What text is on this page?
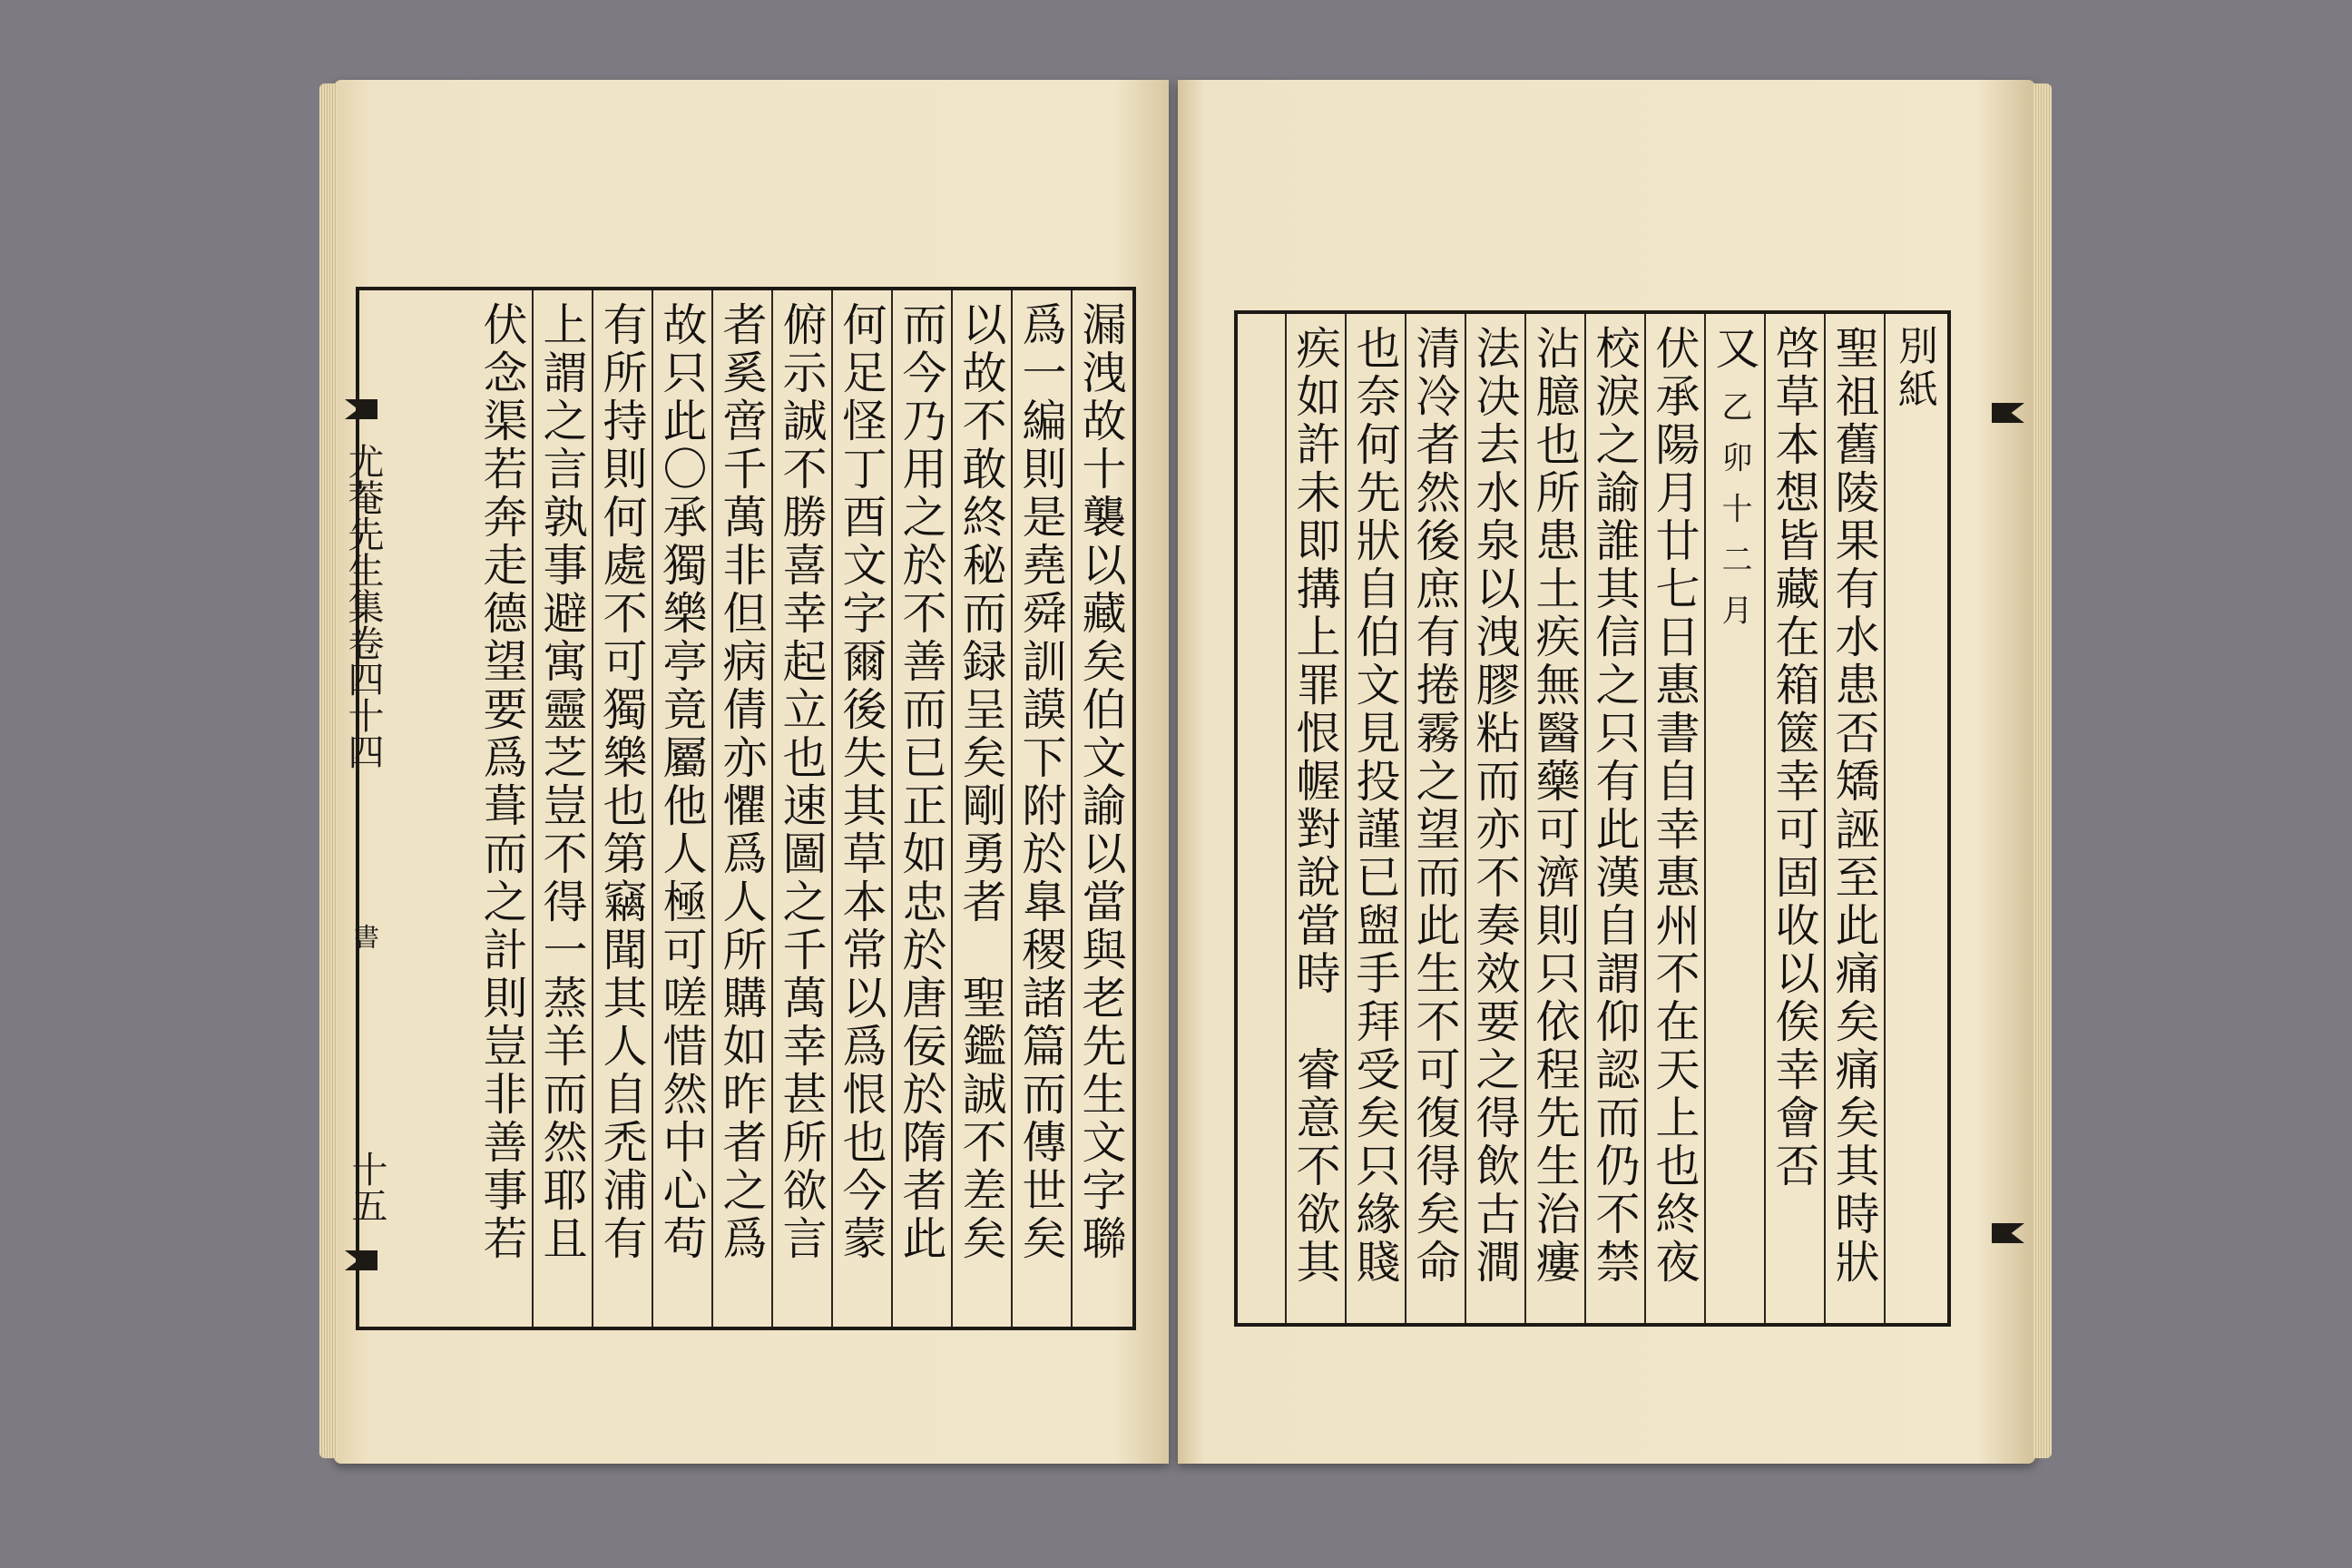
漏洩故十襲以藏矣伯文諭以當與老先生文字聯
爲一編則是堯舜訓謨下附於臯稷諸篇而傳世矣
以故不敢終秘而録呈矣剛勇者　聖鑑誠不差矣
而今乃用之於不善而已正如忠於唐佞於隋者此
何足怪丁酉文字爾後失其草本常以爲恨也今蒙
俯示誠不勝喜幸起立也速圖之千萬幸甚所欲言
者奚啻千萬非但病倩亦懼爲人所購如昨者之爲
故只此〇承獨樂亭竟屬他人極可嗟惜然中心苟
有所持則何處不可獨樂也第竊聞其人自禿浦有
上謂之言孰事避寓靈芝豈不得一蒸羊而然耶且
伏念渠若奔走德望要爲葺而之計則豈非善事若
尤菴先生集卷四十四
書
十五
別紙
聖祖舊陵果有水患否矯誣至此痛矣痛矣其時狀
啓草本想皆藏在箱篋幸可固收以俟幸會否
又 乙卯十二月
伏承陽月廿七日惠書自幸惠州不在天上也終夜
校淚之諭誰其信之只有此漢自謂仰認而仍不禁
沾臆也所患土疾無醫藥可濟則只依程先生治瘻
法决去水泉以洩膠粘而亦不奏效要之得飲古澗
清冷者然後庶有捲霧之望而此生不可復得矣命
也奈何先狀自伯文見投謹已盥手拜受矣只緣賤
疾如許未即搆上罪恨幄對說當時　睿意不欲其
